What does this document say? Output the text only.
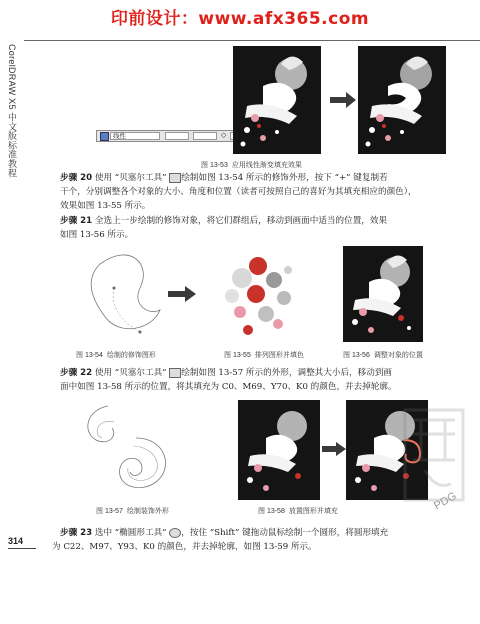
印前设计：www.afx365.com
CorelDRAW X5 中文版标准教程	线性	◇
图 13-53 应用线性渐变填充效果
步骤 20 使用 “贝塞尔工具” 绘制如图 13-54 所示的修饰外形，按下 “+” 键复制若
干个，分别调整各个对象的大小、角度和位置（读者可按照自己的喜好为其填充相应的颜色），
效果如图 13-55 所示。
步骤 21 全选上一步绘制的修饰对象，将它们群组后，移动到画面中适当的位置，效果
如图 13-56 所示。
图 13-54 绘制的修饰图形	图 13-55 排列图形并填色	图 13-56 调整对象的位置
步骤 22 使用 “贝塞尔工具” 绘制如图 13-57 所示的外形，调整其大小后，移动到画
面中如图 13-58 所示的位置，将其填充为 C0、M69、Y70、K0 的颜色，并去掉轮廓。
图 13-57 绘制装饰外形	图 13-58 放置图形并填充	PDG
步骤 23 选中 “椭圆形工具” ，按住 “Shift” 键拖动鼠标绘制一个圆形，将圆形填充
为 C22、M97、Y93、K0 的颜色，并去掉轮廓，如图 13-59 所示。
314
